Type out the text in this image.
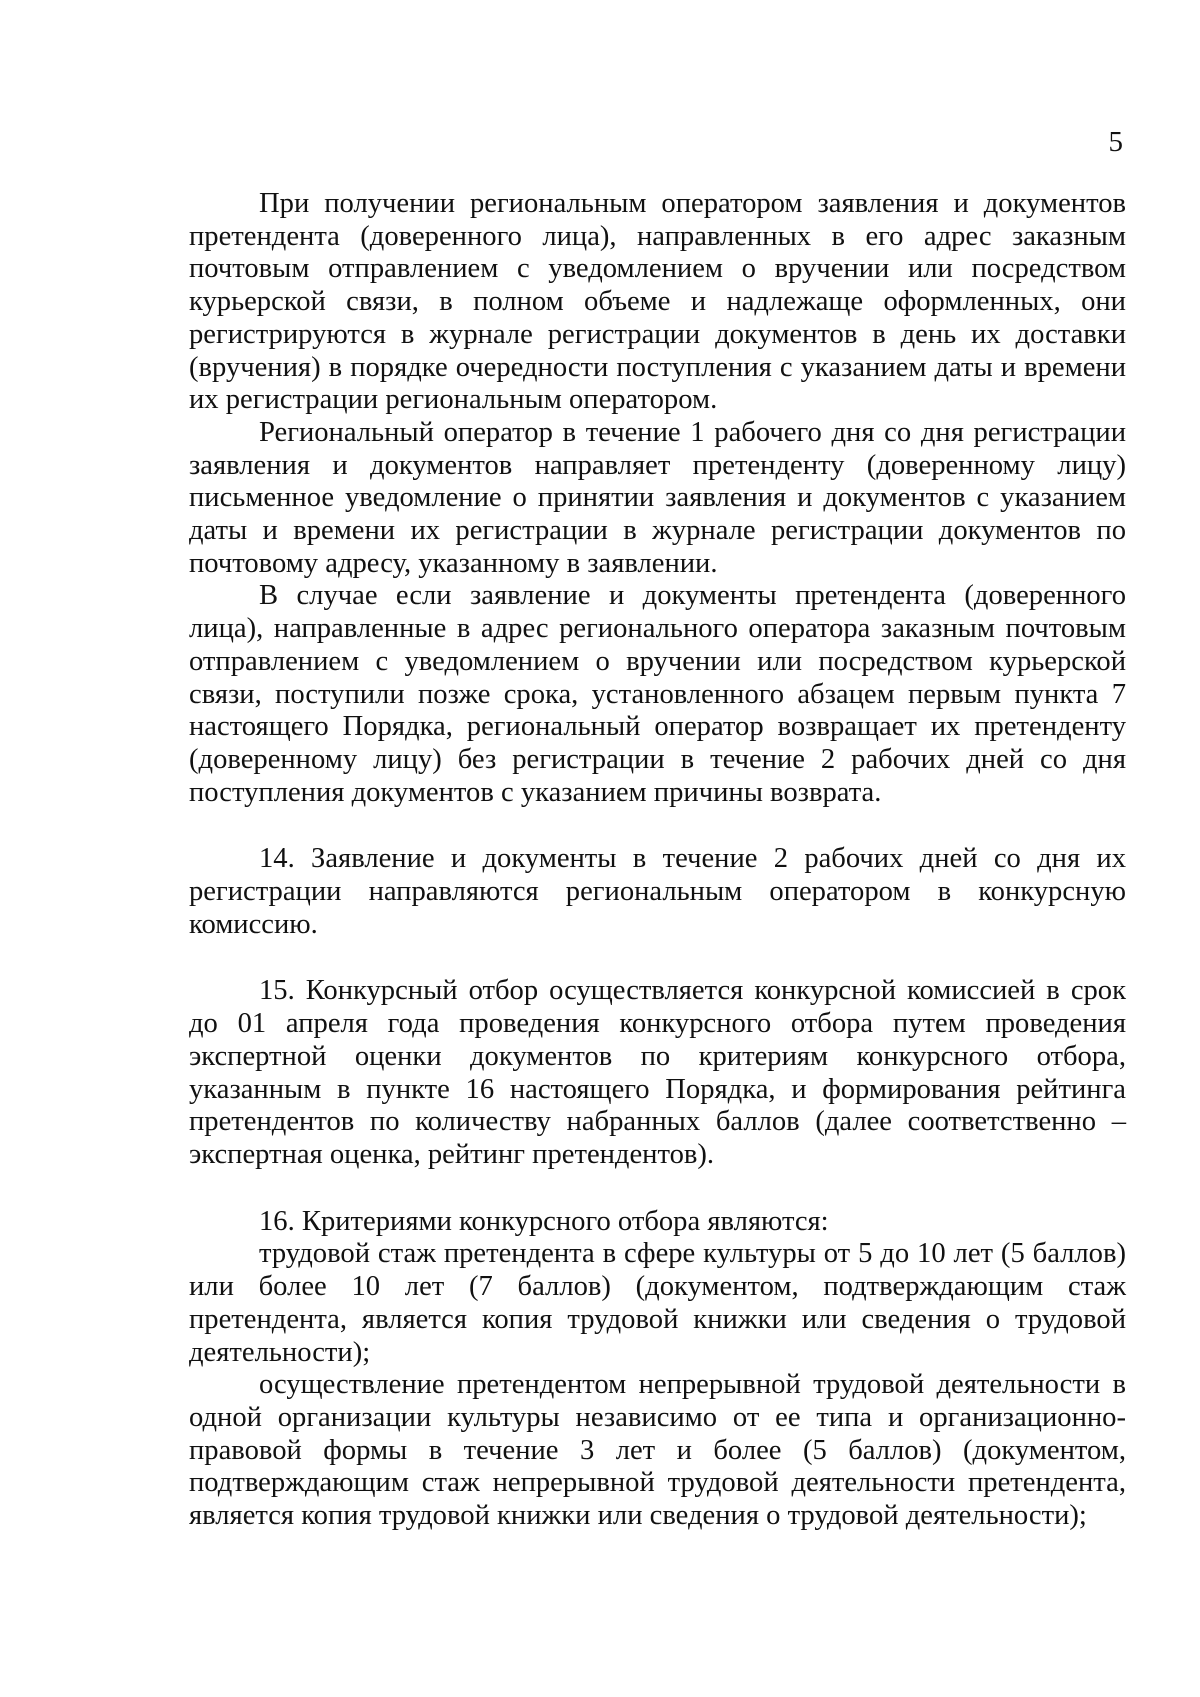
5

При получении региональным оператором заявления и документов претендента (доверенного лица), направленных в его адрес заказным почтовым отправлением с уведомлением о вручении или посредством курьерской связи, в полном объеме и надлежаще оформленных, они регистрируются в журнале регистрации документов в день их доставки (вручения) в порядке очередности поступления с указанием даты и времени их регистрации региональным оператором.

Региональный оператор в течение 1 рабочего дня со дня регистрации заявления и документов направляет претенденту (доверенному лицу) письменное уведомление о принятии заявления и документов с указанием даты и времени их регистрации в журнале регистрации документов по почтовому адресу, указанному в заявлении.

В случае если заявление и документы претендента (доверенного лица), направленные в адрес регионального оператора заказным почтовым отправлением с уведомлением о вручении или посредством курьерской связи, поступили позже срока, установленного абзацем первым пункта 7 настоящего Порядка, региональный оператор возвращает их претенденту (доверенному лицу) без регистрации в течение 2 рабочих дней со дня поступления документов с указанием причины возврата.

14. Заявление и документы в течение 2 рабочих дней со дня их регистрации направляются региональным оператором в конкурсную комиссию.

15. Конкурсный отбор осуществляется конкурсной комиссией в срок до 01 апреля года проведения конкурсного отбора путем проведения экспертной оценки документов по критериям конкурсного отбора, указанным в пункте 16 настоящего Порядка, и формирования рейтинга претендентов по количеству набранных баллов (далее соответственно – экспертная оценка, рейтинг претендентов).

16. Критериями конкурсного отбора являются:

трудовой стаж претендента в сфере культуры от 5 до 10 лет (5 баллов) или более 10 лет (7 баллов) (документом, подтверждающим стаж претендента, является копия трудовой книжки или сведения о трудовой деятельности);

осуществление претендентом непрерывной трудовой деятельности в одной организации культуры независимо от ее типа и организационно-правовой формы в течение 3 лет и более (5 баллов) (документом, подтверждающим стаж непрерывной трудовой деятельности претендента, является копия трудовой книжки или сведения о трудовой деятельности);
